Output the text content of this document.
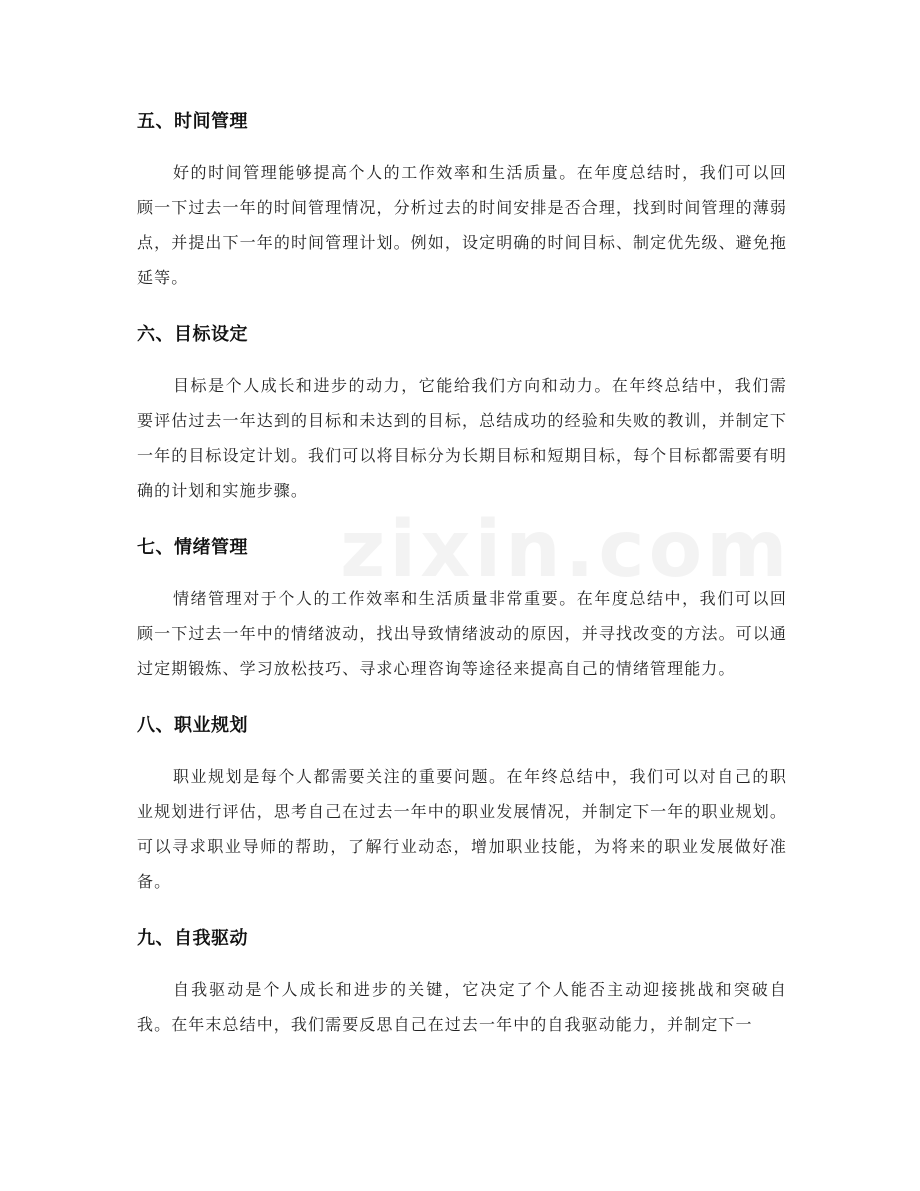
五、时间管理

好的时间管理能够提高个人的工作效率和生活质量。在年度总结时，我们可以回顾一下过去一年的时间管理情况，分析过去的时间安排是否合理，找到时间管理的薄弱点，并提出下一年的时间管理计划。例如，设定明确的时间目标、制定优先级、避免拖延等。

六、目标设定

目标是个人成长和进步的动力，它能给我们方向和动力。在年终总结中，我们需要评估过去一年达到的目标和未达到的目标，总结成功的经验和失败的教训，并制定下一年的目标设定计划。我们可以将目标分为长期目标和短期目标，每个目标都需要有明确的计划和实施步骤。

七、情绪管理

情绪管理对于个人的工作效率和生活质量非常重要。在年度总结中，我们可以回顾一下过去一年中的情绪波动，找出导致情绪波动的原因，并寻找改变的方法。可以通过定期锻炼、学习放松技巧、寻求心理咨询等途径来提高自己的情绪管理能力。

八、职业规划

职业规划是每个人都需要关注的重要问题。在年终总结中，我们可以对自己的职业规划进行评估，思考自己在过去一年中的职业发展情况，并制定下一年的职业规划。可以寻求职业导师的帮助，了解行业动态，增加职业技能，为将来的职业发展做好准备。

九、自我驱动

自我驱动是个人成长和进步的关键，它决定了个人能否主动迎接挑战和突破自我。在年末总结中，我们需要反思自己在过去一年中的自我驱动能力，并制定下一
